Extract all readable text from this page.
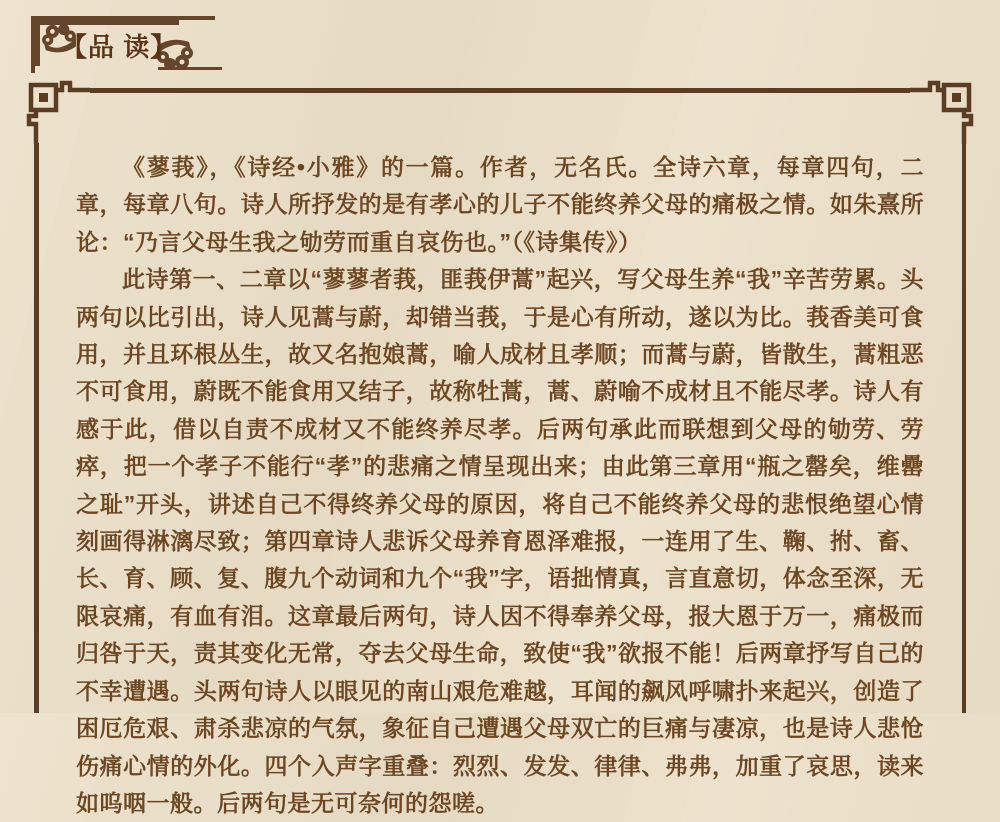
【品 读】

《蓼莪》，《诗经•小雅》的一篇。作者，无名氏。全诗六章，每章四句，二章，每章八句。诗人所抒发的是有孝心的儿子不能终养父母的痛极之情。如朱熹所论：“乃言父母生我之劬劳而重自哀伤也。”（《诗集传》）

此诗第一、二章以“蓼蓼者莪，匪莪伊蒿”起兴，写父母生养“我”辛苦劳累。头两句以比引出，诗人见蒿与蔚，却错当莪，于是心有所动，遂以为比。莪香美可食用，并且环根丛生，故又名抱娘蒿，喻人成材且孝顺；而蒿与蔚，皆散生，蒿粗恶不可食用，蔚既不能食用又结子，故称牡蒿，蒿、蔚喻不成材且不能尽孝。诗人有感于此，借以自责不成材又不能终养尽孝。后两句承此而联想到父母的劬劳、劳瘁，把一个孝子不能行“孝”的悲痛之情呈现出来；由此第三章用“瓶之罄矣，维罍之耻”开头，讲述自己不得终养父母的原因，将自己不能终养父母的悲恨绝望心情刻画得淋漓尽致；第四章诗人悲诉父母养育恩泽难报，一连用了生、鞠、拊、畜、长、育、顾、复、腹九个动词和九个“我”字，语拙情真，言直意切，体念至深，无限哀痛，有血有泪。这章最后两句，诗人因不得奉养父母，报大恩于万一，痛极而归咎于天，责其变化无常，夺去父母生命，致使“我”欲报不能！后两章抒写自己的不幸遭遇。头两句诗人以眼见的南山艰危难越，耳闻的飙风呼啸扑来起兴，创造了困厄危艰、肃杀悲凉的气氛，象征自己遭遇父母双亡的巨痛与凄凉，也是诗人悲怆伤痛心情的外化。四个入声字重叠：烈烈、发发、律律、弗弗，加重了哀思，读来如呜咽一般。后两句是无可奈何的怨嗟。
